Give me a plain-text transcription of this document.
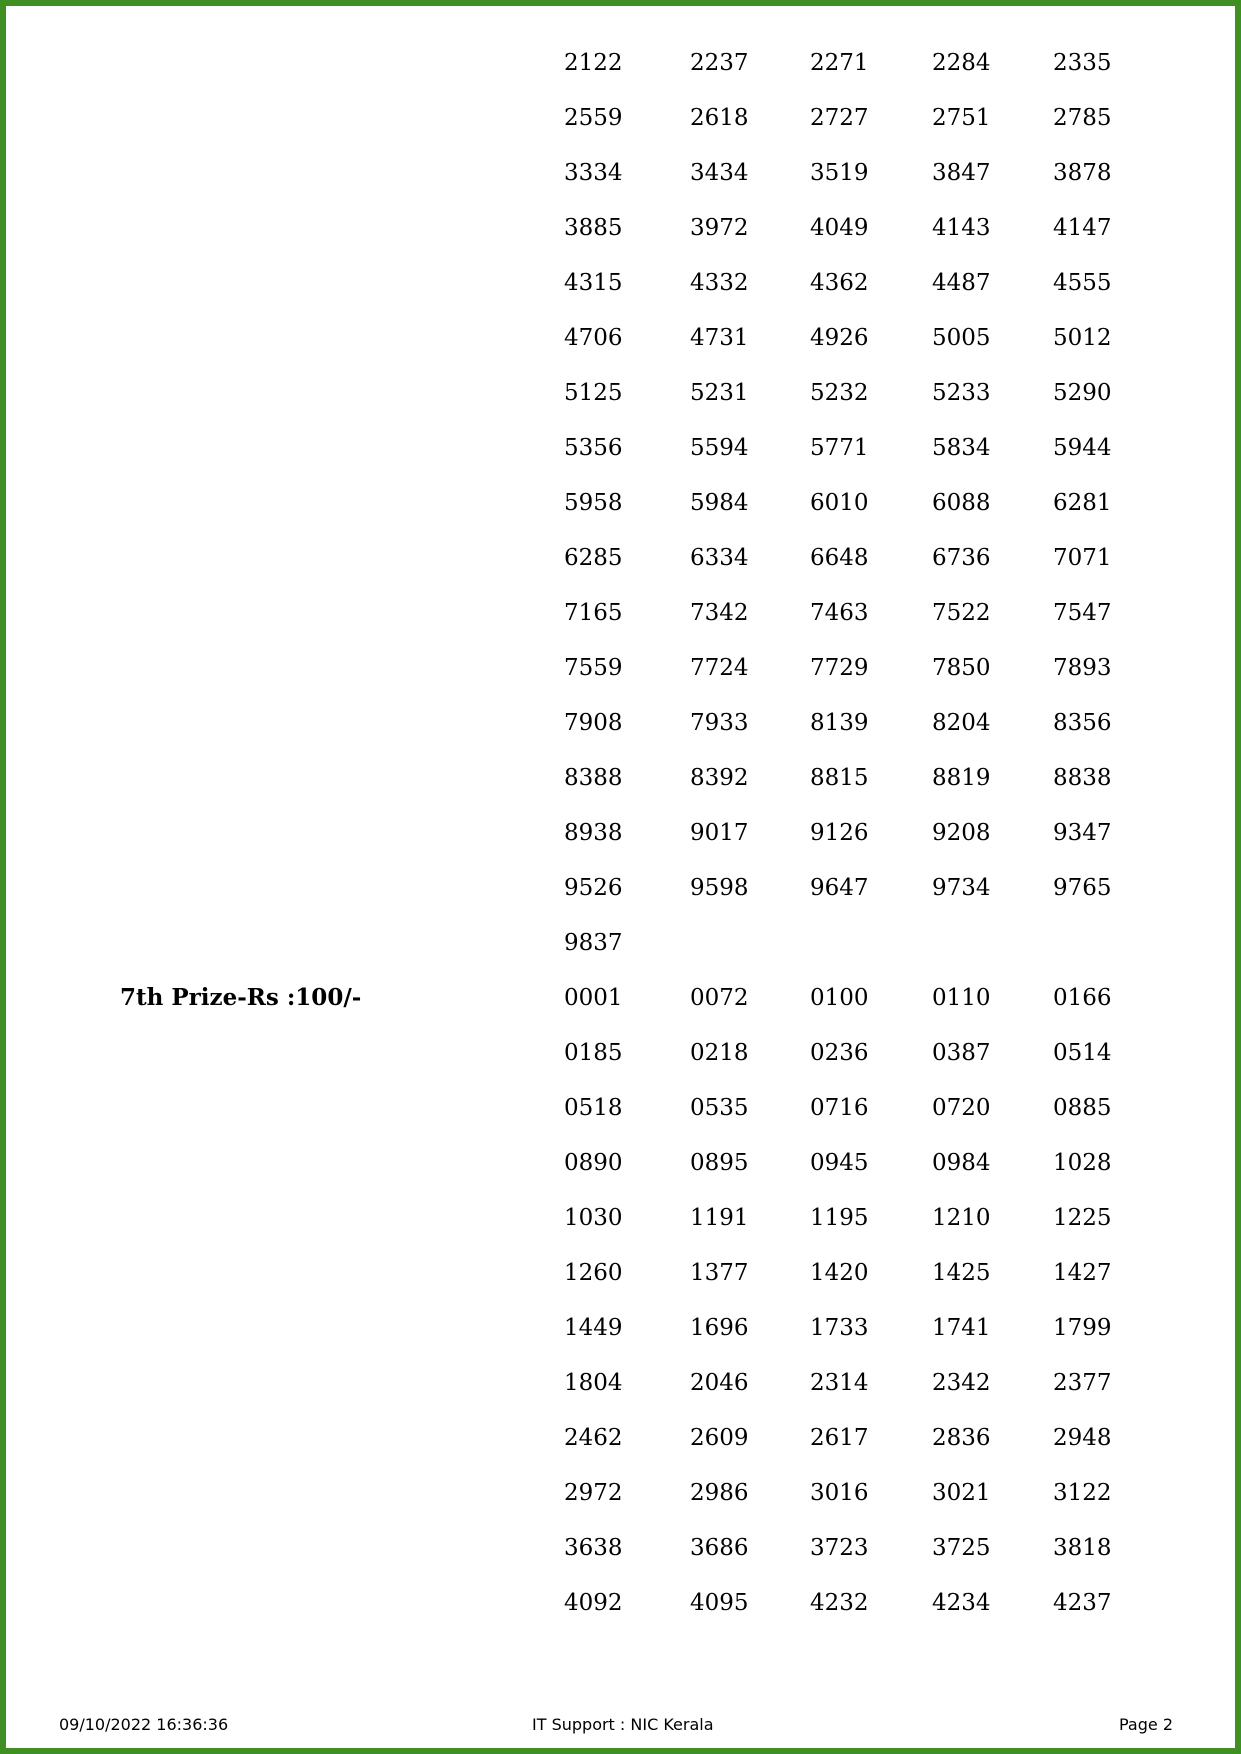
2122	2237	2271	2284	2335
2559	2618	2727	2751	2785
3334	3434	3519	3847	3878
3885	3972	4049	4143	4147
4315	4332	4362	4487	4555
4706	4731	4926	5005	5012
5125	5231	5232	5233	5290
5356	5594	5771	5834	5944
5958	5984	6010	6088	6281
6285	6334	6648	6736	7071
7165	7342	7463	7522	7547
7559	7724	7729	7850	7893
7908	7933	8139	8204	8356
8388	8392	8815	8819	8838
8938	9017	9126	9208	9347
9526	9598	9647	9734	9765
9837
7th Prize-Rs :100/-	0001	0072	0100	0110	0166
0185	0218	0236	0387	0514
0518	0535	0716	0720	0885
0890	0895	0945	0984	1028
1030	1191	1195	1210	1225
1260	1377	1420	1425	1427
1449	1696	1733	1741	1799
1804	2046	2314	2342	2377
2462	2609	2617	2836	2948
2972	2986	3016	3021	3122
3638	3686	3723	3725	3818
4092	4095	4232	4234	4237
09/10/2022 16:36:36	IT Support : NIC Kerala	Page 2
